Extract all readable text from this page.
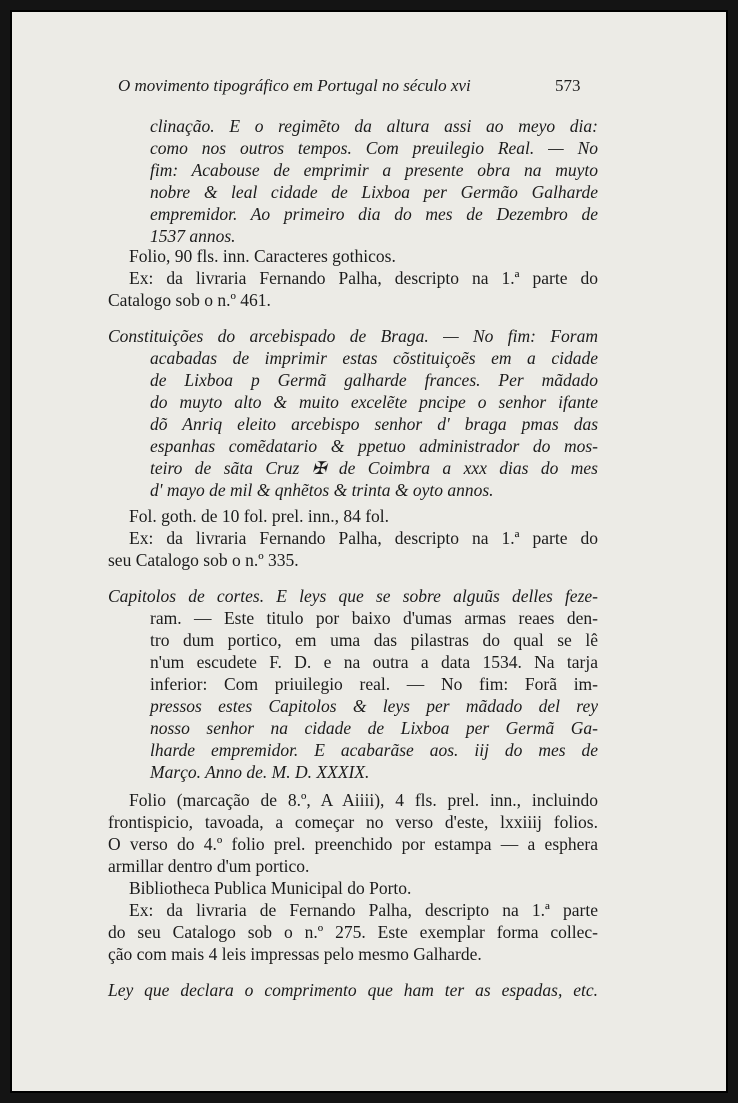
O movimento tipográfico em Portugal no século xvi	573
clinação. E o regimẽto da altura assi ao meyo dia:
como nos outros tempos. Com preuilegio Real. — No
fim: Acabouse de emprimir a presente obra na muyto
nobre & leal cidade de Lixboa per Germão Galharde
empremidor. Ao primeiro dia do mes de Dezembro de
1537 annos.
Folio, 90 fls. inn. Caracteres gothicos.
Ex: da livraria Fernando Palha, descripto na 1.ª parte do
Catalogo sob o n.º 461.
Constituições do arcebispado de Braga. — No fim: Foram
acabadas de imprimir estas cõstituiçoẽs em a cidade
de Lixboa p Germã galharde frances. Per mãdado
do muyto alto & muito excelẽte pncipe o senhor ifante
dõ Anriq eleito arcebispo senhor d' braga pmas das
espanhas comẽdatario & ppetuo administrador do mos-
teiro de sãta Cruz ✠ de Coimbra a xxx dias do mes
d' mayo de mil & qnhẽtos & trinta & oyto annos.
Fol. goth. de 10 fol. prel. inn., 84 fol.
Ex: da livraria Fernando Palha, descripto na 1.ª parte do
seu Catalogo sob o n.º 335.
Capitolos de cortes. E leys que se sobre alguũs delles feze-
ram. — Este titulo por baixo d'umas armas reaes den-
tro dum portico, em uma das pilastras do qual se lê
n'um escudete F. D. e na outra a data 1534. Na tarja
inferior: Com priuilegio real. — No fim: Forã im-
pressos estes Capitolos & leys per mãdado del rey
nosso senhor na cidade de Lixboa per Germã Ga-
lharde empremidor. E acabarãse aos. iij do mes de
Março. Anno de. M. D. XXXIX.
Folio (marcação de 8.º, A Aiiii), 4 fls. prel. inn., incluindo
frontispicio, tavoada, a começar no verso d'este, lxxiiij folios.
O verso do 4.º folio prel. preenchido por estampa — a esphera
armillar dentro d'um portico.
Bibliotheca Publica Municipal do Porto.
Ex: da livraria de Fernando Palha, descripto na 1.ª parte
do seu Catalogo sob o n.º 275. Este exemplar forma collec-
ção com mais 4 leis impressas pelo mesmo Galharde.
Ley que declara o comprimento que ham ter as espadas, etc.
